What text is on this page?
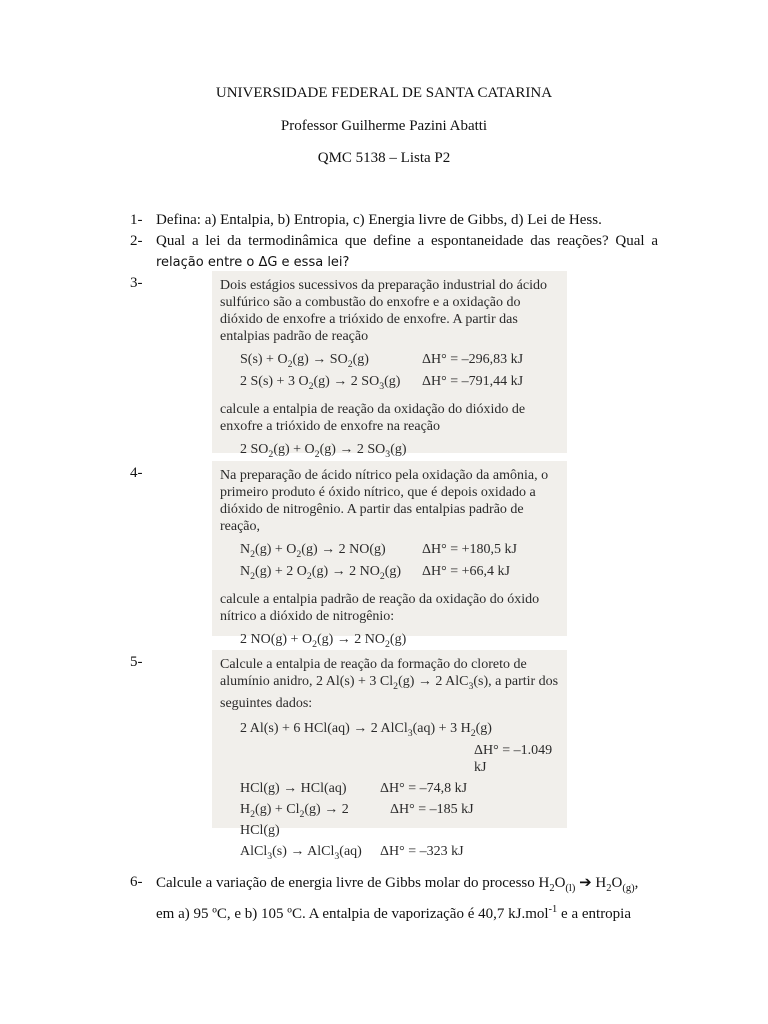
UNIVERSIDADE FEDERAL DE SANTA CATARINA
Professor Guilherme Pazini Abatti
QMC 5138 – Lista P2
1- Defina: a) Entalpia, b) Entropia, c) Energia livre de Gibbs, d) Lei de Hess.
2- Qual a lei da termodinâmica que define a espontaneidade das reações? Qual a
relação entre o ΔG e essa lei?
3-	Dois estágios sucessivos da preparação industrial do ácido sulfúrico são a combustão do enxofre e a oxidação do dióxido de enxofre a trióxido de enxofre. A partir das entalpias padrão de reação

$S(s) + O_2(g) \to SO_2(g)$	ΔH° = –296,83 kJ
2 S(s) + 3 $O_2(g) \to 2$ $SO_3(g)$	ΔH° = –791,44 kJ

calcule a entalpia de reação da oxidação do dióxido de enxofre a trióxido de enxofre na reação

2 $SO_2(g) + O_2(g) \to 2$ $SO_3(g)$
4-	Na preparação de ácido nítrico pela oxidação da amônia, o primeiro produto é óxido nítrico, que é depois oxidado a dióxido de nitrogênio. A partir das entalpias padrão de reação,

$N_2(g) + O_2(g) \to 2$ NO(g)	ΔH° = +180,5 kJ
$N_2(g) + 2$ $O_2(g) \to 2$ $NO_2(g)$	ΔH° = +66,4 kJ

calcule a entalpia padrão de reação da oxidação do óxido nítrico a dióxido de nitrogênio:

2 $NO(g) + O_2(g) \to 2$ $NO_2(g)$
5-	Calcule a entalpia de reação da formação do cloreto de alumínio anidro, 2 Al(s) + 3 $Cl_2(g) \to 2$ AlC$_3$(s), a partir dos seguintes dados:

2 Al(s) + 6 HCl(aq) → 2 AlCl$_3$(aq) + 3 $H_2(g)$
ΔH° = –1.049 kJ
HCl(g) → HCl(aq)	ΔH° = –74,8 kJ
$H_2(g) + Cl_2(g) \to 2$ HCl(g)
ΔH° = –185 kJ
AlCl$_3$(s) → AlCl$_3$(aq)	ΔH° = –323 kJ
6- Calcule a variação de energia livre de Gibbs molar do processo $H_2O_{(l)}$ ➔ $H_2O_{(g)}$,
em a) 95 ºC, e b) 105 ºC. A entalpia de vaporização é 40,7 kJ.mol$^{-1}$ e a entropia
